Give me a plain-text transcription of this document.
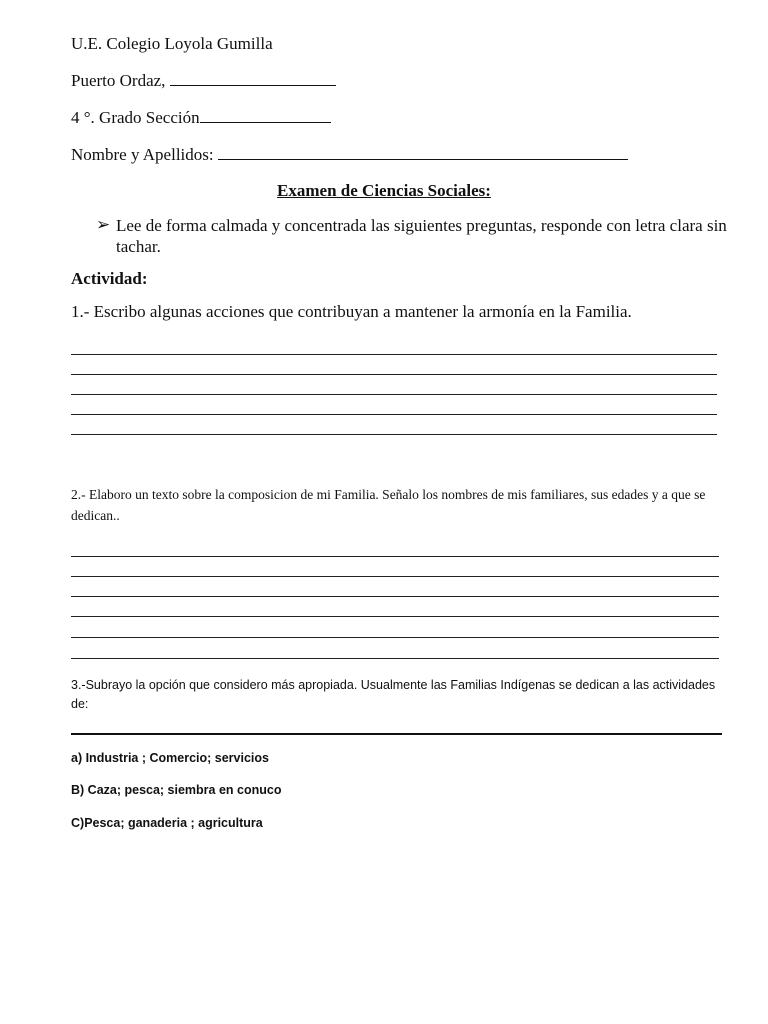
U.E. Colegio Loyola Gumilla
Puerto Ordaz,
4 °. Grado Sección
Nombre y Apellidos:
Examen de Ciencias Sociales:
➢ Lee de forma calmada y concentrada las siguientes preguntas, responde con letra clara sin tachar.
Actividad:
1.- Escribo algunas acciones que contribuyan a mantener la armonía en la Familia.
2.- Elaboro un texto sobre la composicion de mi Familia. Señalo los nombres de mis familiares, sus edades y a que se dedican..
3.-Subrayo la opción que considero más apropiada. Usualmente las Familias Indígenas se dedican a las actividades de:
a) Industria ; Comercio; servicios
B) Caza; pesca; siembra en conuco
C)Pesca; ganaderia ; agricultura
